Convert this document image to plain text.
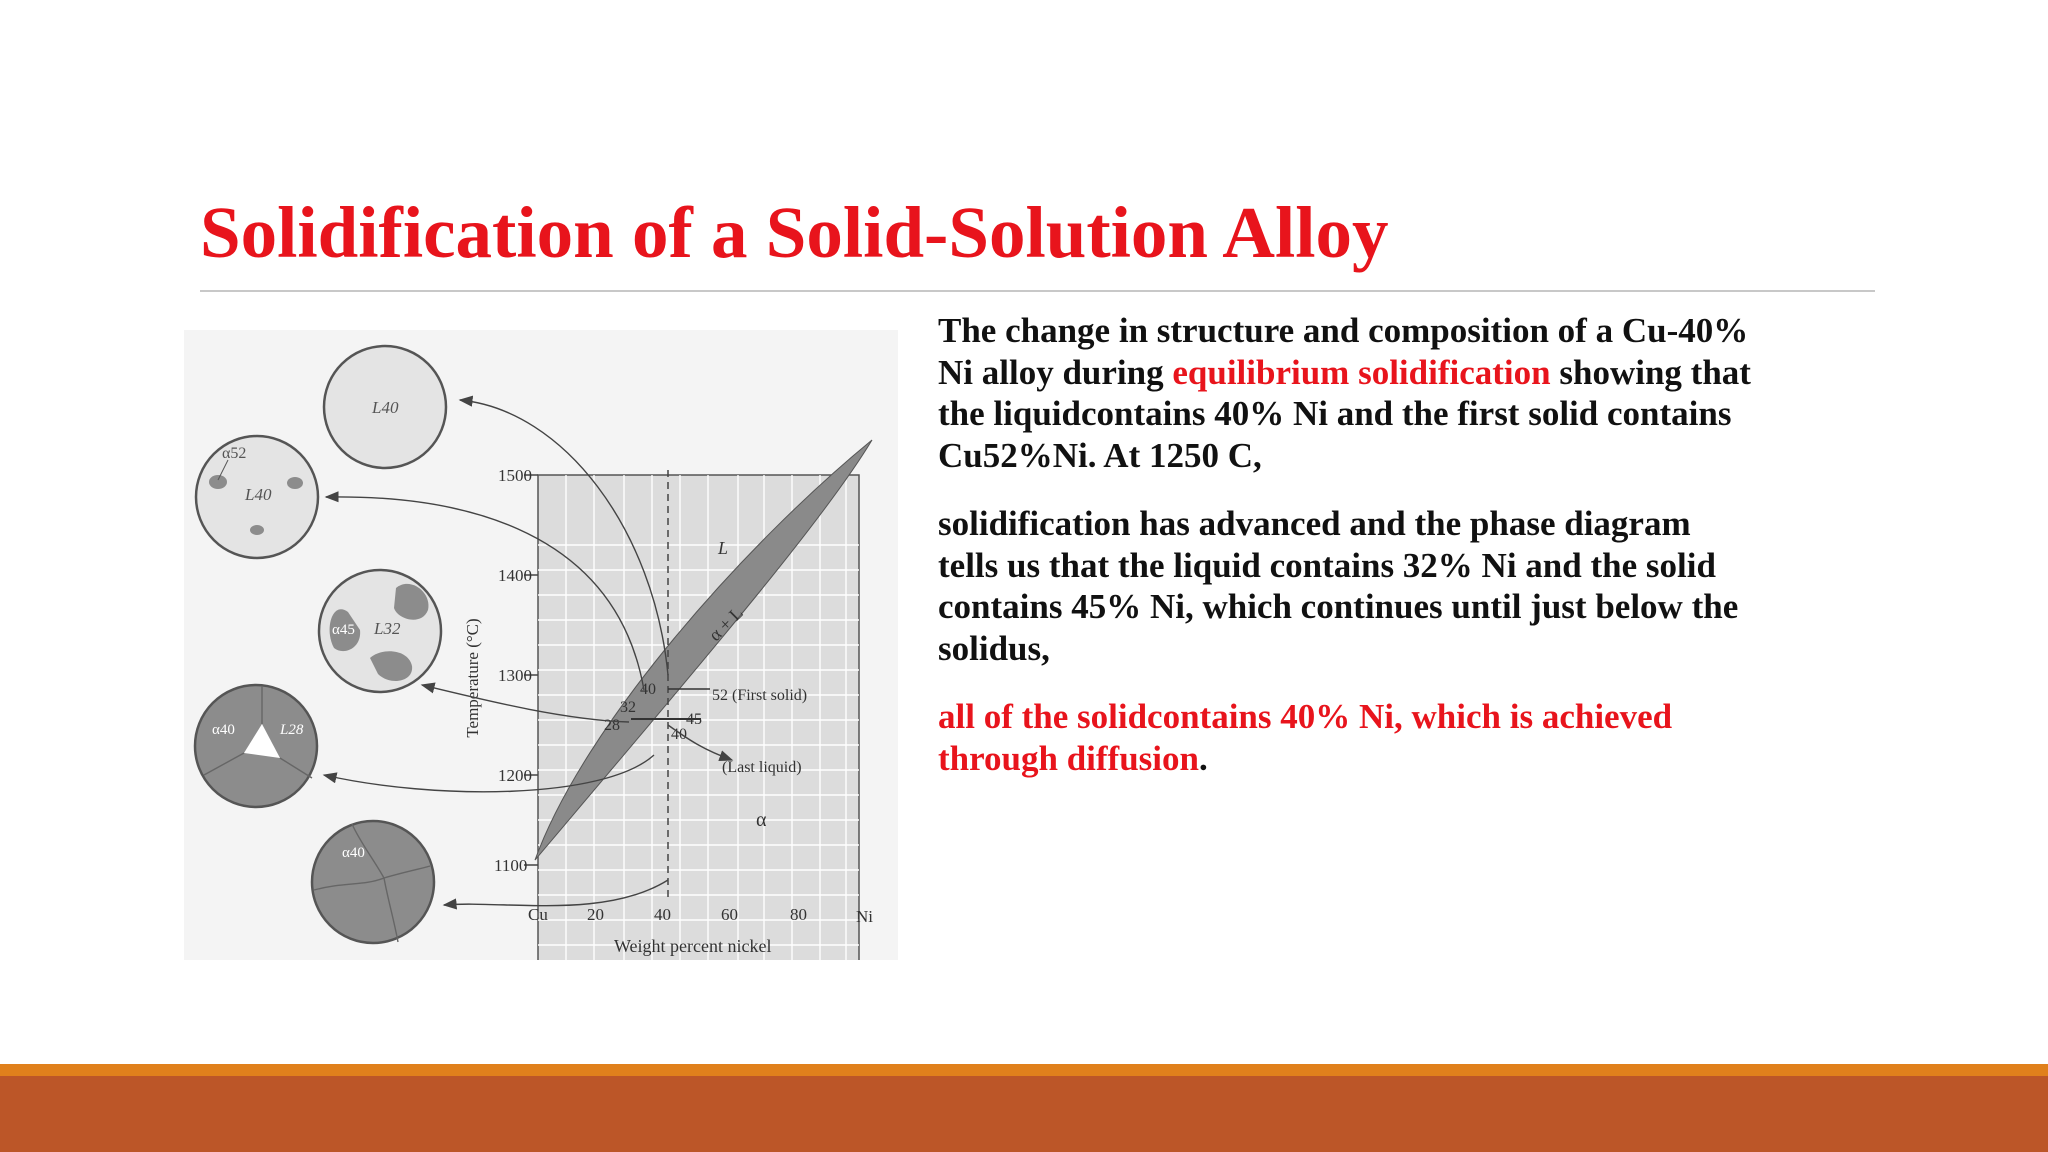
Solidification of a Solid-Solution Alloy
1500
1400
1300
1200
1100
Temperature (°C)
Cu 20	40	60	80	Ni
Weight percent nickel
L
α + L
α
40
32
28
52 (First solid)
45
40
(Last liquid)
L40
α52
L40
α45 L32
α40	L28
α40

The change in structure and composition of a Cu-40%
Ni alloy during equilibrium solidification showing that
the liquidcontains 40% Ni and the first solid contains
Cu52%Ni. At 1250 C,

solidification has advanced and the phase diagram
tells us that the liquid contains 32% Ni and the solid
contains 45% Ni, which continues until just below the
solidus,

all of the solidcontains 40% Ni, which is achieved
through diffusion.
